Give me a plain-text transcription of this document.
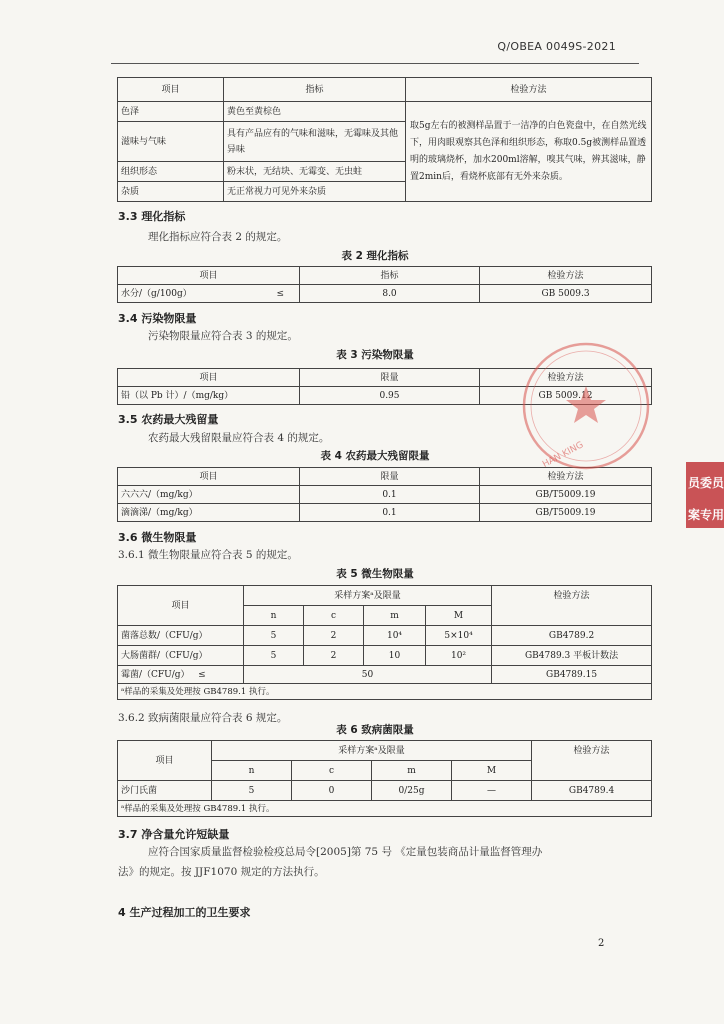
Q/OBEA 0049S-2021
项目	指标	检验方法
色泽	黄色至黄棕色	取5g左右的被测样品置于一洁净的白色瓷盘中，在自然光线下，用肉眼观察其色泽和组织形态，称取0.5g被测样品置透明的玻璃烧杯，加水200ml溶解，嗅其气味，辨其滋味，静置2min后，看烧杯底部有无外来杂质。
滋味与气味	具有产品应有的气味和滋味，无霉味及其他异味	
组织形态	粉末状，无结块、无霉变、无虫蛀	
杂质	无正常视力可见外来杂质	
3.3 理化指标
理化指标应符合表 2 的规定。
表 2 理化指标
项目		指标	检验方法
水分/（g/100g）	≤	8.0	GB 5009.3
3.4 污染物限量
污染物限量应符合表 3 的规定。
表 3 污染物限量
项目	限量	检验方法
铅（以 Pb 计）/（mg/kg）	0.95	GB 5009.12
3.5 农药最大残留量
农药最大残留限量应符合表 4 的规定。
表 4 农药最大残留限量
项目	限量	检验方法
六六六/（mg/kg）	0.1	GB/T5009.19
滴滴涕/（mg/kg）	0.1	GB/T5009.19
3.6 微生物限量
3.6.1 微生物限量应符合表 5 的规定。
表 5 微生物限量
项目	采样方案ᵃ及限量				检验方法
	n	c	m	M	
菌落总数/（CFU/g）	5	2	10⁴	5×10⁴	GB4789.2
大肠菌群/（CFU/g）	5	2	10	10²	GB4789.3 平板计数法
霉菌/（CFU/g） ≤	50				GB4789.15
ᵃ样品的采集及处理按 GB4789.1 执行。					
3.6.2 致病菌限量应符合表 6 规定。
表 6 致病菌限量
项目	采样方案ᵃ及限量				检验方法
	n	c	m	M	
沙门氏菌	5	0	0/25g	—	GB4789.4
ᵃ样品的采集及处理按 GB4789.1 执行。					
3.7 净含量允许短缺量
应符合国家质量监督检验检疫总局令[2005]第 75 号 《定量包装商品计量监督管理办
法》的规定。按 JJF1070 规定的方法执行。
4 生产过程加工的卫生要求
HAN KING
员委员
案专用
2
